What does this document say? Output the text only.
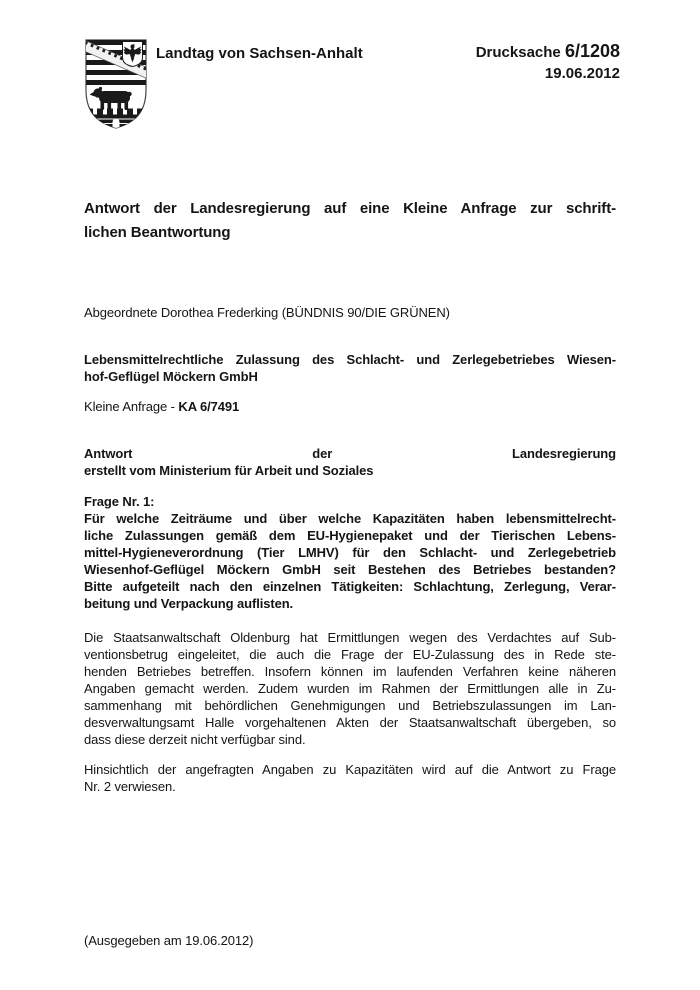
Landtag von Sachsen-Anhalt	Drucksache 6/1208
19.06.2012
Antwort der Landesregierung auf eine Kleine Anfrage zur schrift-
lichen Beantwortung
Abgeordnete Dorothea Frederking (BÜNDNIS 90/DIE GRÜNEN)
Lebensmittelrechtliche Zulassung des Schlacht- und Zerlegebetriebes Wiesen-
hof-Geflügel Möckern GmbH
Kleine Anfrage - KA 6/7491
Antwort der Landesregierung
erstellt vom Ministerium für Arbeit und Soziales
Frage Nr. 1:
Für welche Zeiträume und über welche Kapazitäten haben lebensmittelrecht-
liche Zulassungen gemäß dem EU-Hygienepaket und der Tierischen Lebens-
mittel-Hygieneverordnung (Tier LMHV) für den Schlacht- und Zerlegebetrieb
Wiesenhof-Geflügel Möckern GmbH seit Bestehen des Betriebes bestanden?
Bitte aufgeteilt nach den einzelnen Tätigkeiten: Schlachtung, Zerlegung, Verar-
beitung und Verpackung auflisten.
Die Staatsanwaltschaft Oldenburg hat Ermittlungen wegen des Verdachtes auf Sub-
ventionsbetrug eingeleitet, die auch die Frage der EU-Zulassung des in Rede ste-
henden Betriebes betreffen. Insofern können im laufenden Verfahren keine näheren
Angaben gemacht werden. Zudem wurden im Rahmen der Ermittlungen alle in Zu-
sammenhang mit behördlichen Genehmigungen und Betriebszulassungen im Lan-
desverwaltungsamt Halle vorgehaltenen Akten der Staatsanwaltschaft übergeben, so
dass diese derzeit nicht verfügbar sind.
Hinsichtlich der angefragten Angaben zu Kapazitäten wird auf die Antwort zu Frage
Nr. 2 verwiesen.
(Ausgegeben am 19.06.2012)
